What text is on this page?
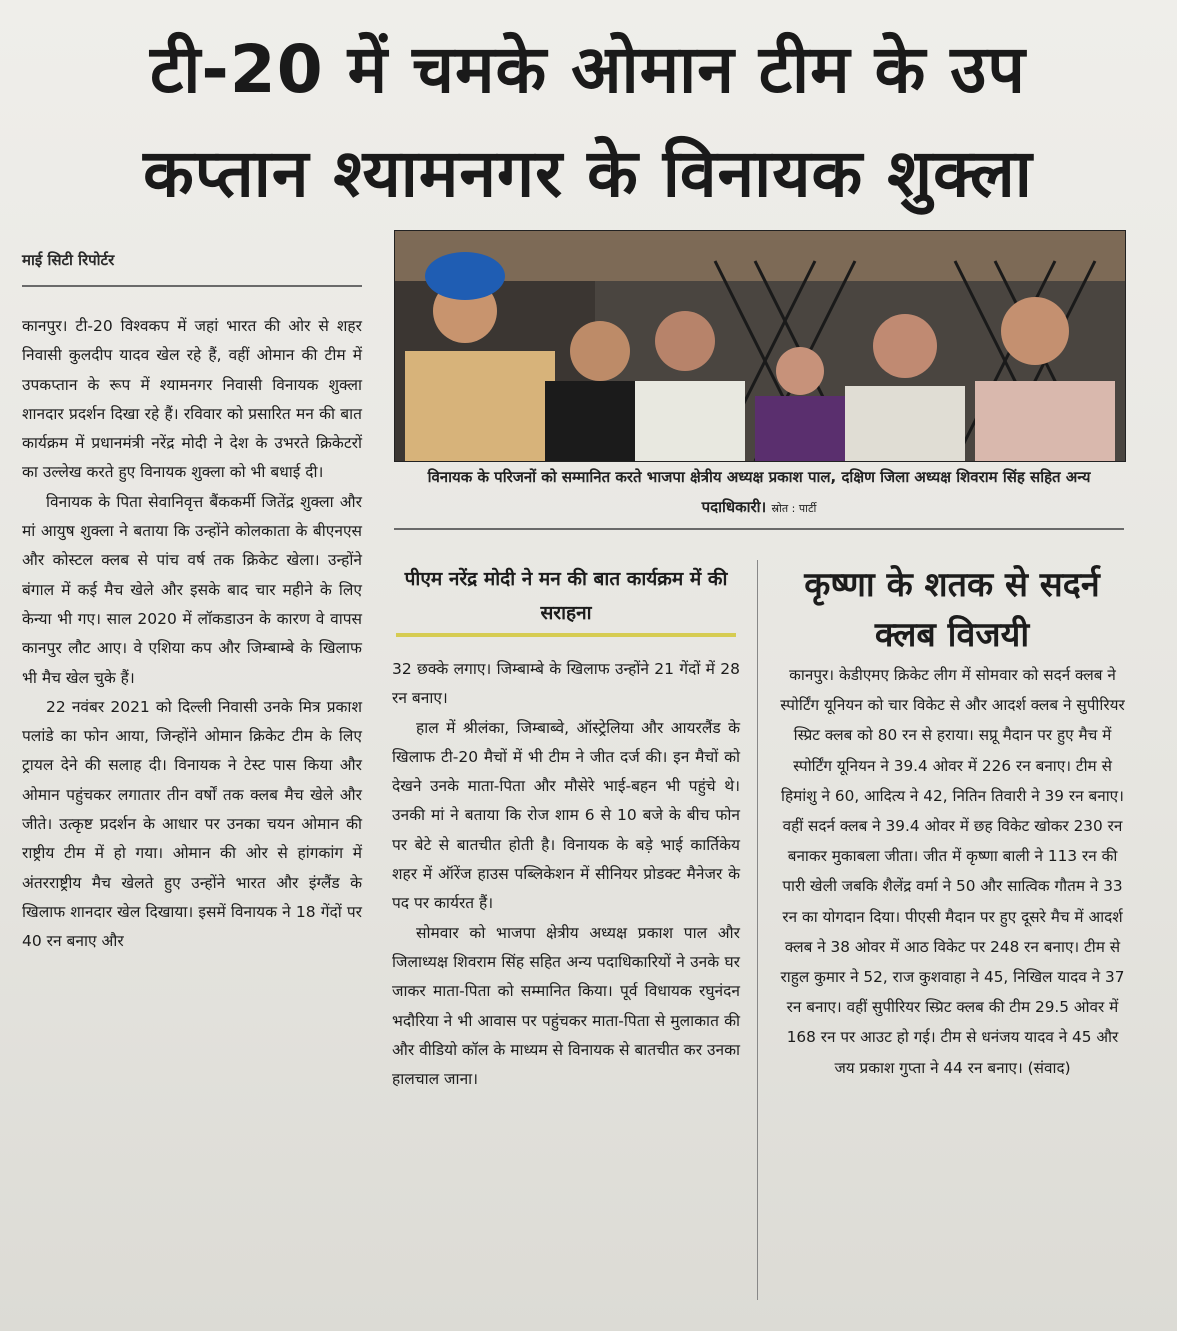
टी-20 में चमके ओमान टीम के उप
कप्तान श्यामनगर के विनायक शुक्ला
माई सिटी रिपोर्टर

कानपुर। टी-20 विश्वकप में जहां भारत की ओर से शहर निवासी कुलदीप यादव खेल रहे हैं, वहीं ओमान की टीम में उपकप्तान के रूप में श्यामनगर निवासी विनायक शुक्ला शानदार प्रदर्शन दिखा रहे हैं। रविवार को प्रसारित मन की बात कार्यक्रम में प्रधानमंत्री नरेंद्र मोदी ने देश के उभरते क्रिकेटरों का उल्लेख करते हुए विनायक शुक्ला को भी बधाई दी।

विनायक के पिता सेवानिवृत्त बैंककर्मी जितेंद्र शुक्ला और मां आयुष शुक्ला ने बताया कि उन्होंने कोलकाता के बीएनएस और कोस्टल क्लब से पांच वर्ष तक क्रिकेट खेला। उन्होंने बंगाल में कई मैच खेले और इसके बाद चार महीने के लिए केन्या भी गए। साल 2020 में लॉकडाउन के कारण वे वापस कानपुर लौट आए। वे एशिया कप और जिम्बाम्बे के खिलाफ भी मैच खेल चुके हैं।

22 नवंबर 2021 को दिल्ली निवासी उनके मित्र प्रकाश पलांडे का फोन आया, जिन्होंने ओमान क्रिकेट टीम के लिए ट्रायल देने की सलाह दी। विनायक ने टेस्ट पास किया और ओमान पहुंचकर लगातार तीन वर्षों तक क्लब मैच खेले और जीते। उत्कृष्ट प्रदर्शन के आधार पर उनका चयन ओमान की राष्ट्रीय टीम में हो गया। ओमान की ओर से हांगकांग में अंतरराष्ट्रीय मैच खेलते हुए उन्होंने भारत और इंग्लैंड के खिलाफ शानदार खेल दिखाया। इसमें विनायक ने 18 गेंदों पर 40 रन बनाए और

विनायक के परिजनों को सम्मानित करते भाजपा क्षेत्रीय अध्यक्ष प्रकाश पाल, दक्षिण जिला अध्यक्ष शिवराम सिंह सहित अन्य पदाधिकारी। स्रोत : पार्टी
पीएम नरेंद्र मोदी ने मन की बात कार्यक्रम में की सराहना

32 छक्के लगाए। जिम्बाम्बे के खिलाफ उन्होंने 21 गेंदों में 28 रन बनाए।

हाल में श्रीलंका, जिम्बाब्वे, ऑस्ट्रेलिया और आयरलैंड के खिलाफ टी-20 मैचों में भी टीम ने जीत दर्ज की। इन मैचों को देखने उनके माता-पिता और मौसेरे भाई-बहन भी पहुंचे थे। उनकी मां ने बताया कि रोज शाम 6 से 10 बजे के बीच फोन पर बेटे से बातचीत होती है। विनायक के बड़े भाई कार्तिकेय शहर में ऑरेंज हाउस पब्लिकेशन में सीनियर प्रोडक्ट मैनेजर के पद पर कार्यरत हैं।

सोमवार को भाजपा क्षेत्रीय अध्यक्ष प्रकाश पाल और जिलाध्यक्ष शिवराम सिंह सहित अन्य पदाधिकारियों ने उनके घर जाकर माता-पिता को सम्मानित किया। पूर्व विधायक रघुनंदन भदौरिया ने भी आवास पर पहुंचकर माता-पिता से मुलाकात की और वीडियो कॉल के माध्यम से विनायक से बातचीत कर उनका हालचाल जाना।

कृष्णा के शतक से सदर्न क्लब विजयी

कानपुर। केडीएमए क्रिकेट लीग में सोमवार को सदर्न क्लब ने स्पोर्टिंग यूनियन को चार विकेट से और आदर्श क्लब ने सुपीरियर स्प्रिट क्लब को 80 रन से हराया। सप्रू मैदान पर हुए मैच में स्पोर्टिंग यूनियन ने 39.4 ओवर में 226 रन बनाए। टीम से हिमांशु ने 60, आदित्य ने 42, नितिन तिवारी ने 39 रन बनाए। वहीं सदर्न क्लब ने 39.4 ओवर में छह विकेट खोकर 230 रन बनाकर मुकाबला जीता। जीत में कृष्णा बाली ने 113 रन की पारी खेली जबकि शैलेंद्र वर्मा ने 50 और सात्विक गौतम ने 33 रन का योगदान दिया। पीएसी मैदान पर हुए दूसरे मैच में आदर्श क्लब ने 38 ओवर में आठ विकेट पर 248 रन बनाए। टीम से राहुल कुमार ने 52, राज कुशवाहा ने 45, निखिल यादव ने 37 रन बनाए। वहीं सुपीरियर स्प्रिट क्लब की टीम 29.5 ओवर में 168 रन पर आउट हो गई। टीम से धनंजय यादव ने 45 और जय प्रकाश गुप्ता ने 44 रन बनाए। (संवाद)
